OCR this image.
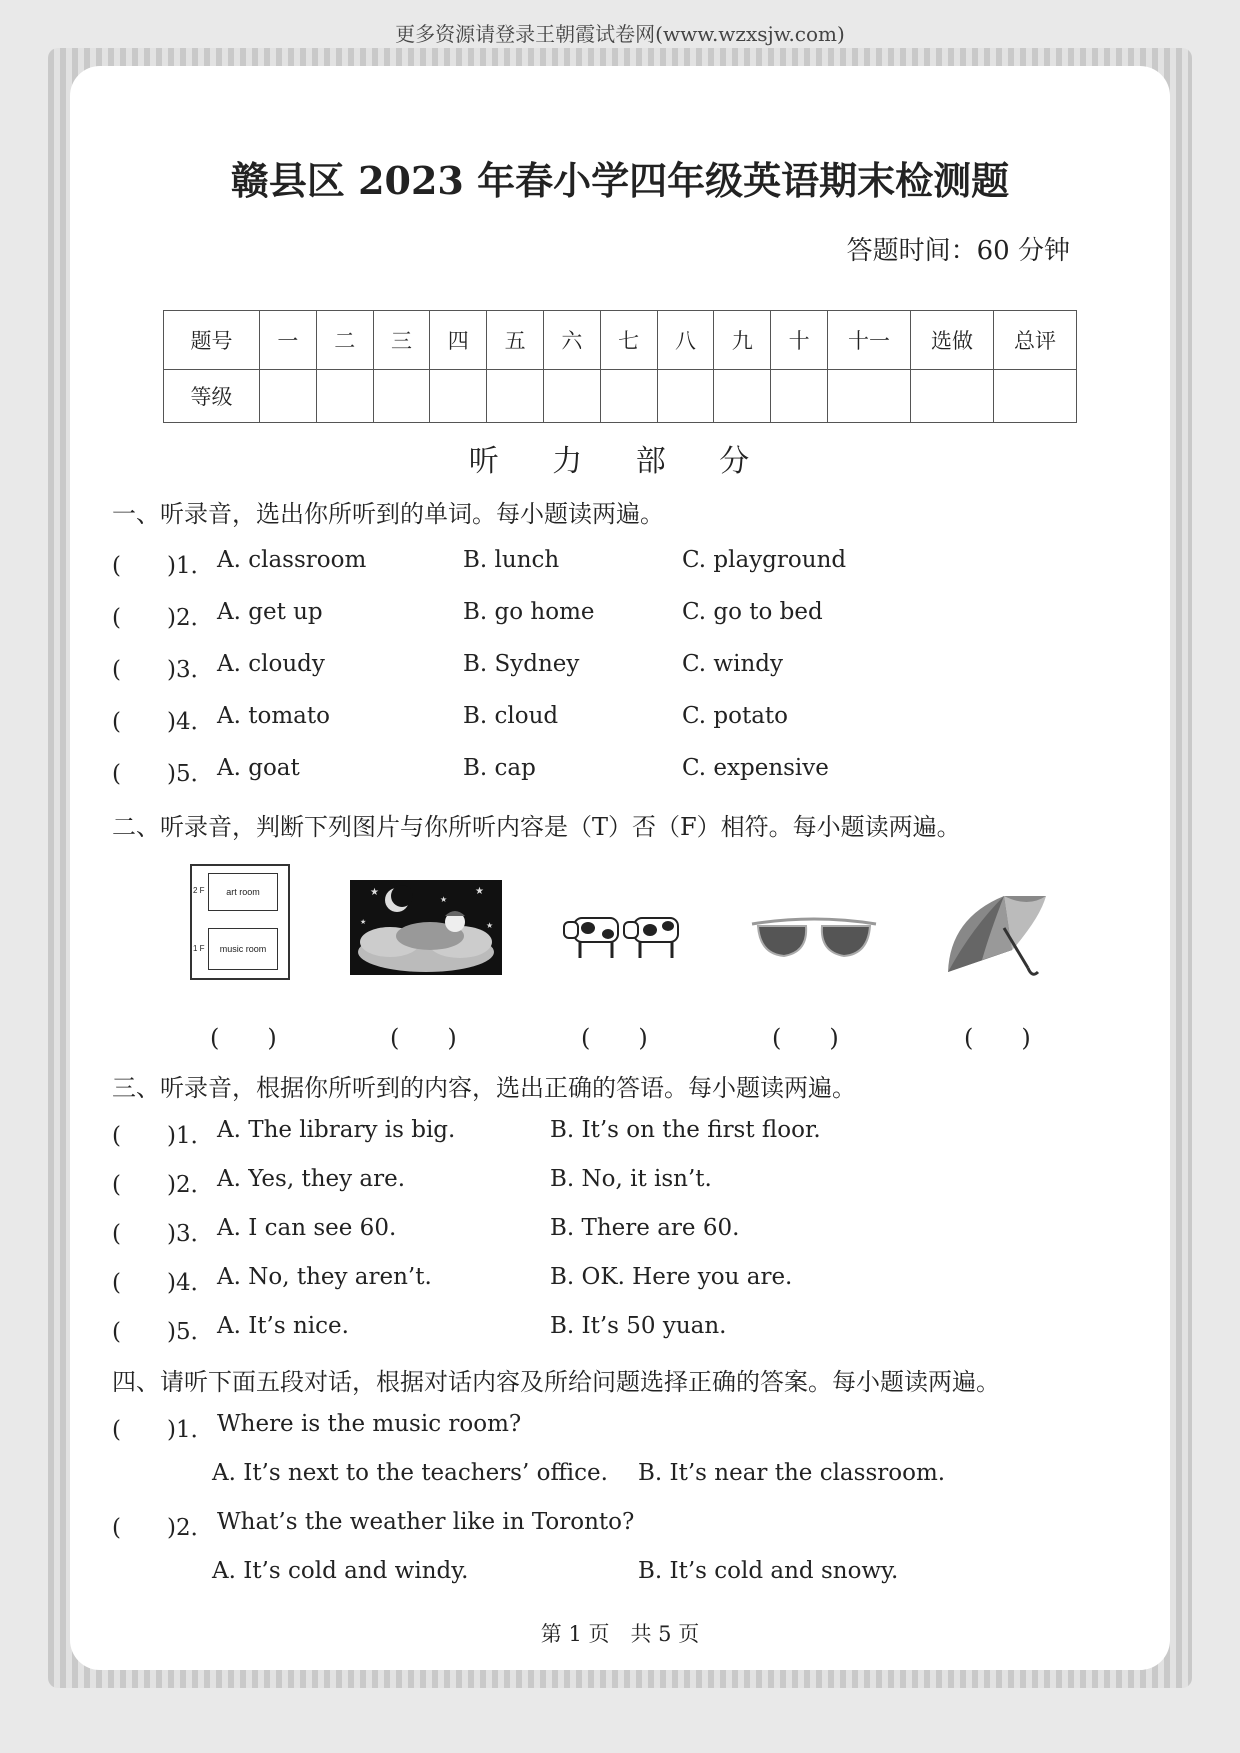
更多资源请登录王朝霞试卷网(www.wzxsjw.com)
赣县区 2023 年春小学四年级英语期末检测题
答题时间：60 分钟
题号	一	二	三	四	五	六	七	八	九	十	十一	选做	总评
等级													
听 力 部 分
一、听录音，选出你所听到的单词。每小题读两遍。
(　　)1． A. classroom	B. lunch	C. playground
(　　)2． A. get up	B. go home	C. go to bed
(　　)3． A. cloudy	B. Sydney	C. windy
(　　)4． A. tomato	B. cloud	C. potato
(　　)5． A. goat	B. cap	C. expensive
二、听录音，判断下列图片与你所听内容是（T）否（F）相符。每小题读两遍。
art room
2 F
music room
1 F
★
★
★
★	★
(　　)	(　　)	(　　)	(　　)	(　　)
三、听录音，根据你所听到的内容，选出正确的答语。每小题读两遍。
(　　)1． A. The library is big.	B. It’s on the first floor.
(　　)2． A. Yes, they are.	B. No, it isn’t.
(　　)3． A. I can see 60.	B. There are 60.
(　　)4． A. No, they aren’t.	B. OK. Here you are.
(　　)5． A. It’s nice.	B. It’s 50 yuan.
四、请听下面五段对话，根据对话内容及所给问题选择正确的答案。每小题读两遍。
(　　)1． Where is the music room?
A. It’s next to the teachers’ office. B. It’s near the classroom.
(　　)2． What’s the weather like in Toronto?
A. It’s cold and windy.	B. It’s cold and snowy.
第 1 页　共 5 页
